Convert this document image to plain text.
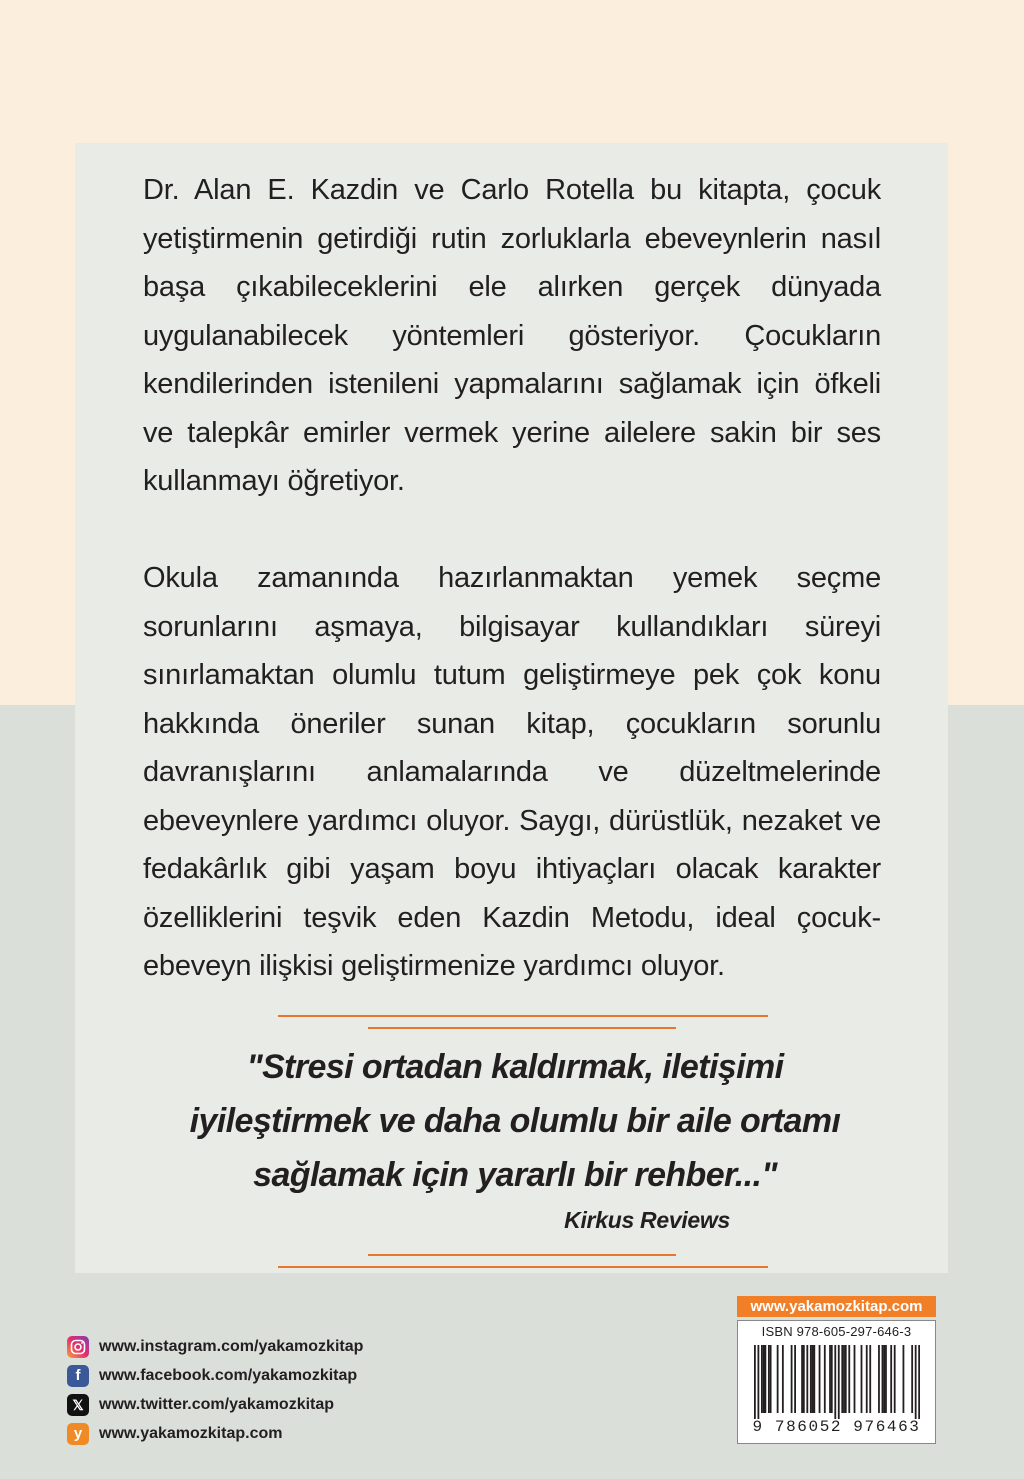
Dr. Alan E. Kazdin ve Carlo Rotella bu kitapta, çocuk yetiştirmenin getirdiği rutin zorluklarla ebeveynlerin nasıl başa çıkabileceklerini ele alırken gerçek dünyada uygulanabilecek yöntemleri gösteriyor. Çocukların kendilerinden istenileni yapmalarını sağlamak için öfkeli ve talepkâr emirler vermek yerine ailelere sakin bir ses kullanmayı öğretiyor.

Okula zamanında hazırlanmaktan yemek seçme sorunlarını aşmaya, bilgisayar kullandıkları süreyi sınırlamaktan olumlu tutum geliştirmeye pek çok konu hakkında öneriler sunan kitap, çocukların sorunlu davranışlarını anlamalarında ve düzeltmelerinde ebeveynlere yardımcı oluyor. Saygı, dürüstlük, nezaket ve fedakârlık gibi yaşam boyu ihtiyaçları olacak karakter özelliklerini teşvik eden Kazdin Metodu, ideal çocuk-ebeveyn ilişkisi geliştirmenize yardımcı oluyor.

"Stresi ortadan kaldırmak, iletişimi
iyileştirmek ve daha olumlu bir aile ortamı
sağlamak için yararlı bir rehber..."

Kirkus Reviews
www.instagram.com/yakamozkitap
f	www.facebook.com/yakamozkitap
𝕏 www.twitter.com/yakamozkitap
y	www.yakamozkitap.com
www.yakamozkitap.com
ISBN 978-605-297-646-3
9 786052 976463
